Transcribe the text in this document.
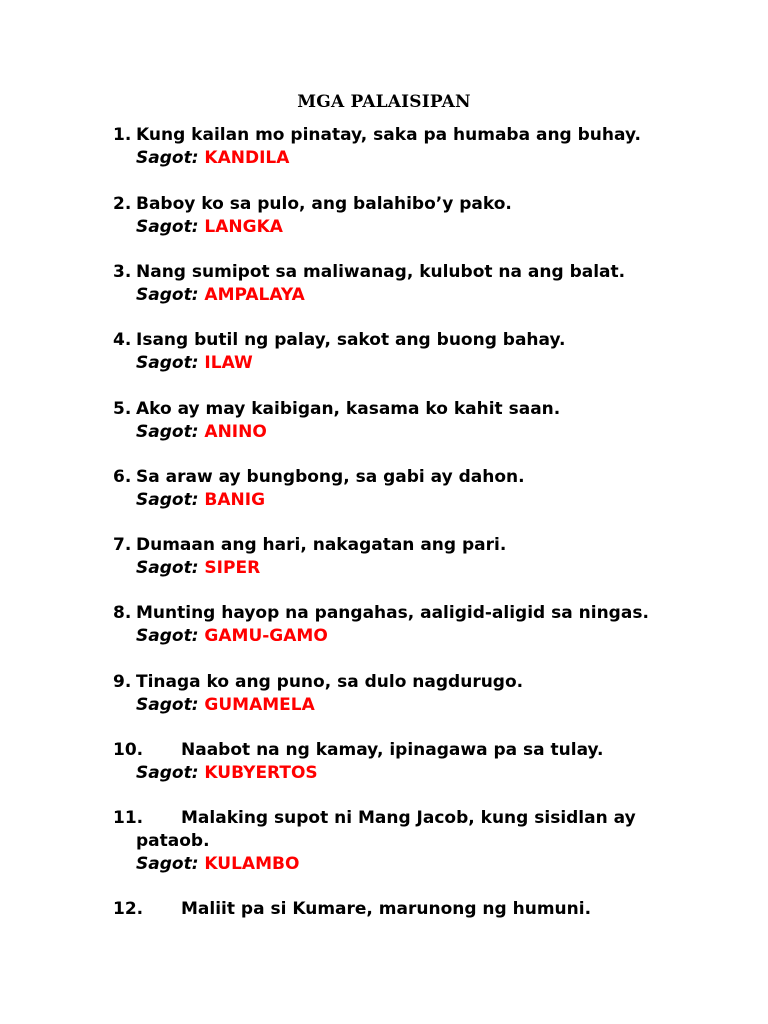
MGA PALAISIPAN
1. Kung kailan mo pinatay, saka pa humaba ang buhay.
Sagot: KANDILA
2. Baboy ko sa pulo, ang balahibo’y pako.
Sagot: LANGKA
3. Nang sumipot sa maliwanag, kulubot na ang balat.
Sagot: AMPALAYA
4. Isang butil ng palay, sakot ang buong bahay.
Sagot: ILAW
5. Ako ay may kaibigan, kasama ko kahit saan.
Sagot: ANINO
6. Sa araw ay bungbong, sa gabi ay dahon.
Sagot: BANIG
7. Dumaan ang hari, nakagatan ang pari.
Sagot: SIPER
8. Munting hayop na pangahas, aaligid-aligid sa ningas.
Sagot: GAMU-GAMO
9. Tinaga ko ang puno, sa dulo nagdurugo.
Sagot: GUMAMELA
10.	Naabot na ng kamay, ipinagawa pa sa tulay.
Sagot: KUBYERTOS
11.	Malaking supot ni Mang Jacob, kung sisidlan ay
pataob.
Sagot: KULAMBO
12.	Maliit pa si Kumare, marunong ng humuni.
